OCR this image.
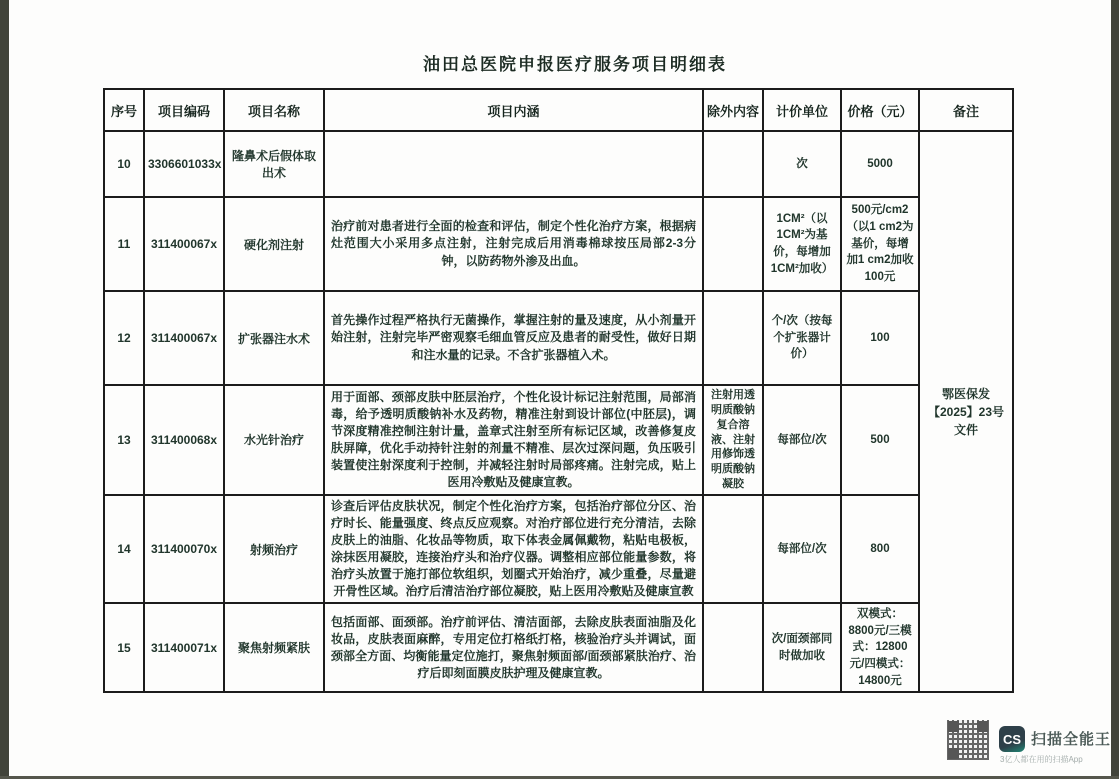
油田总医院申报医疗服务项目明细表
序号	项目编码	项目名称	项目内涵	除外内容	计价单位	价格（元）	备注
10	3306601033x	隆鼻术后假体取出术			次	5000	鄂医保发【2025】23号文件
11	311400067x	硬化剂注射	治疗前对患者进行全面的检查和评估，制定个性化治疗方案，根据病灶范围大小采用多点注射，注射完成后用消毒棉球按压局部2-3分钟，以防药物外渗及出血。		1CM²（以1CM²为基价，每增加1CM²加收）	500元/cm2（以1 cm2为基价，每增加1 cm2加收100元	
12	311400067x	扩张器注水术	首先操作过程严格执行无菌操作，掌握注射的量及速度，从小剂量开始注射，注射完毕严密观察毛细血管反应及患者的耐受性，做好日期和注水量的记录。不含扩张器植入术。		个/次（按每个扩张器计价）	100	
13	311400068x	水光针治疗	用于面部、颈部皮肤中胚层治疗，个性化设计标记注射范围，局部消毒，给予透明质酸钠补水及药物，精准注射到设计部位(中胚层)，调节深度精准控制注射计量，盖章式注射至所有标记区域，改善修复皮肤屏障，优化手动持针注射的剂量不精准、层次过深问题，负压吸引装置使注射深度利于控制，并减轻注射时局部疼痛。注射完成，贴上医用冷敷贴及健康宣教。	注射用透明质酸钠复合溶液、注射用修饰透明质酸钠凝胶	每部位/次	500	
14	311400070x	射频治疗	诊查后评估皮肤状况，制定个性化治疗方案，包括治疗部位分区、治疗时长、能量强度、终点反应观察。对治疗部位进行充分清洁，去除皮肤上的油脂、化妆品等物质，取下体表金属佩戴物，粘贴电极板，涂抹医用凝胶，连接治疗头和治疗仪器。调整相应部位能量参数，将治疗头放置于施打部位软组织，划圈式开始治疗，减少重叠，尽量避开骨性区域。治疗后清洁治疗部位凝胶，贴上医用冷敷贴及健康宣教		每部位/次	800	
15	311400071x	聚焦射频紧肤	包括面部、面颈部。治疗前评估、清洁面部，去除皮肤表面油脂及化妆品，皮肤表面麻醉，专用定位打格纸打格，核验治疗头并调试，面颈部全方面、均衡能量定位施打，聚焦射频面部/面颈部紧肤治疗、治疗后即刻面膜皮肤护理及健康宣教。		次/面颈部同时做加收	双模式：8800元/三模式：12800元/四模式：14800元	
CS 扫描全能王
3亿人都在用的扫描App
